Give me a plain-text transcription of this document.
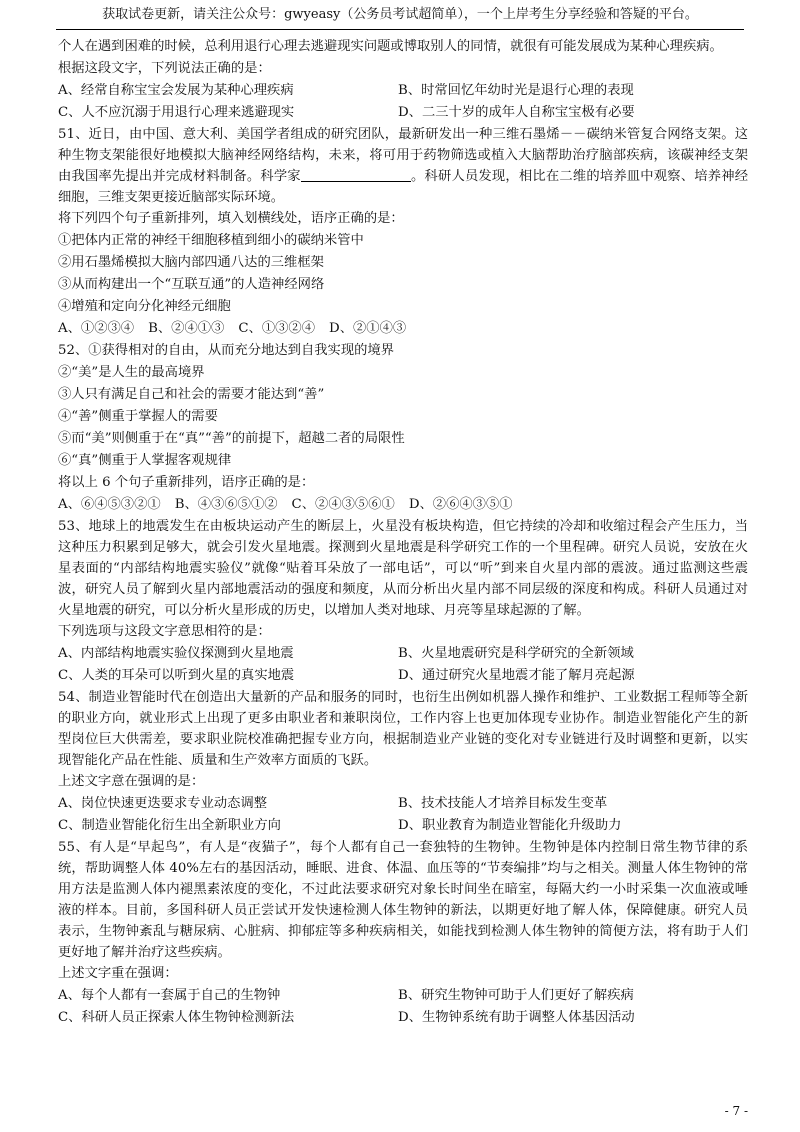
获取试卷更新，请关注公众号：gwyeasy（公务员考试超简单），一个上岸考生分享经验和答疑的平台。

个人在遇到困难的时候，总利用退行心理去逃避现实问题或博取别人的同情，就很有可能发展成为某种心理疾病。

根据这段文字，下列说法正确的是：

A、经常自称宝宝会发展为某种心理疾病	B、时常回忆年幼时光是退行心理的表现
C、人不应沉溺于用退行心理来逃避现实	D、二三十岁的成年人自称宝宝极有必要

51、近日，由中国、意大利、美国学者组成的研究团队，最新研发出一种三维石墨烯－－碳纳米管复合网络支架。这种生物支架能很好地模拟大脑神经网络结构，未来，将可用于药物筛选或植入大脑帮助治疗脑部疾病，该碳神经支架由我国率先提出并完成材料制备。科学家	。科研人员发现，相比在二维的培养皿中观察、培养神经细胞，三维支架更接近脑部实际环境。

将下列四个句子重新排列，填入划横线处，语序正确的是：

①把体内正常的神经干细胞移植到细小的碳纳米管中

②用石墨烯模拟大脑内部四通八达的三维框架

③从而构建出一个“互联互通”的人造神经网络

④增殖和定向分化神经元细胞

A、①②③④ B、②④①③ C、①③②④ D、②①④③

52、①获得相对的自由，从而充分地达到自我实现的境界

②“美”是人生的最高境界

③人只有满足自己和社会的需要才能达到“善”

④“善”侧重于掌握人的需要

⑤而“美”则侧重于在“真”“善”的前提下，超越二者的局限性

⑥“真”侧重于人掌握客观规律

将以上 6 个句子重新排列，语序正确的是：

A、⑥④⑤③②① B、④③⑥⑤①② C、②④③⑤⑥① D、②⑥④③⑤①

53、地球上的地震发生在由板块运动产生的断层上，火星没有板块构造，但它持续的冷却和收缩过程会产生压力，当这种压力积累到足够大，就会引发火星地震。探测到火星地震是科学研究工作的一个里程碑。研究人员说，安放在火星表面的“内部结构地震实验仪”就像“贴着耳朵放了一部电话”，可以“听”到来自火星内部的震波。通过监测这些震波，研究人员了解到火星内部地震活动的强度和频度，从而分析出火星内部不同层级的深度和构成。科研人员通过对火星地震的研究，可以分析火星形成的历史，以增加人类对地球、月亮等星球起源的了解。

下列选项与这段文字意思相符的是：

A、内部结构地震实验仪探测到火星地震	B、火星地震研究是科学研究的全新领域
C、人类的耳朵可以听到火星的真实地震	D、通过研究火星地震才能了解月亮起源

54、制造业智能时代在创造出大量新的产品和服务的同时，也衍生出例如机器人操作和维护、工业数据工程师等全新的职业方向，就业形式上出现了更多由职业者和兼职岗位，工作内容上也更加体现专业协作。制造业智能化产生的新型岗位巨大供需差，要求职业院校准确把握专业方向，根据制造业产业链的变化对专业链进行及时调整和更新，以实现智能化产品在性能、质量和生产效率方面质的飞跃。

上述文字意在强调的是：

A、岗位快速更迭要求专业动态调整	B、技术技能人才培养目标发生变革
C、制造业智能化衍生出全新职业方向	D、职业教育为制造业智能化升级助力

55、有人是“早起鸟”，有人是“夜猫子”，每个人都有自己一套独特的生物钟。生物钟是体内控制日常生物节律的系统，帮助调整人体 40%左右的基因活动，睡眠、进食、体温、血压等的“节奏编排”均与之相关。测量人体生物钟的常用方法是监测人体内褪黑素浓度的变化，不过此法要求研究对象长时间坐在暗室，每隔大约一小时采集一次血液或唾液的样本。目前，多国科研人员正尝试开发快速检测人体生物钟的新法，以期更好地了解人体，保障健康。研究人员表示，生物钟紊乱与糖尿病、心脏病、抑郁症等多种疾病相关，如能找到检测人体生物钟的简便方法，将有助于人们更好地了解并治疗这些疾病。

上述文字重在强调：

A、每个人都有一套属于自己的生物钟	B、研究生物钟可助于人们更好了解疾病
C、科研人员正探索人体生物钟检测新法	D、生物钟系统有助于调整人体基因活动
- 7 -
